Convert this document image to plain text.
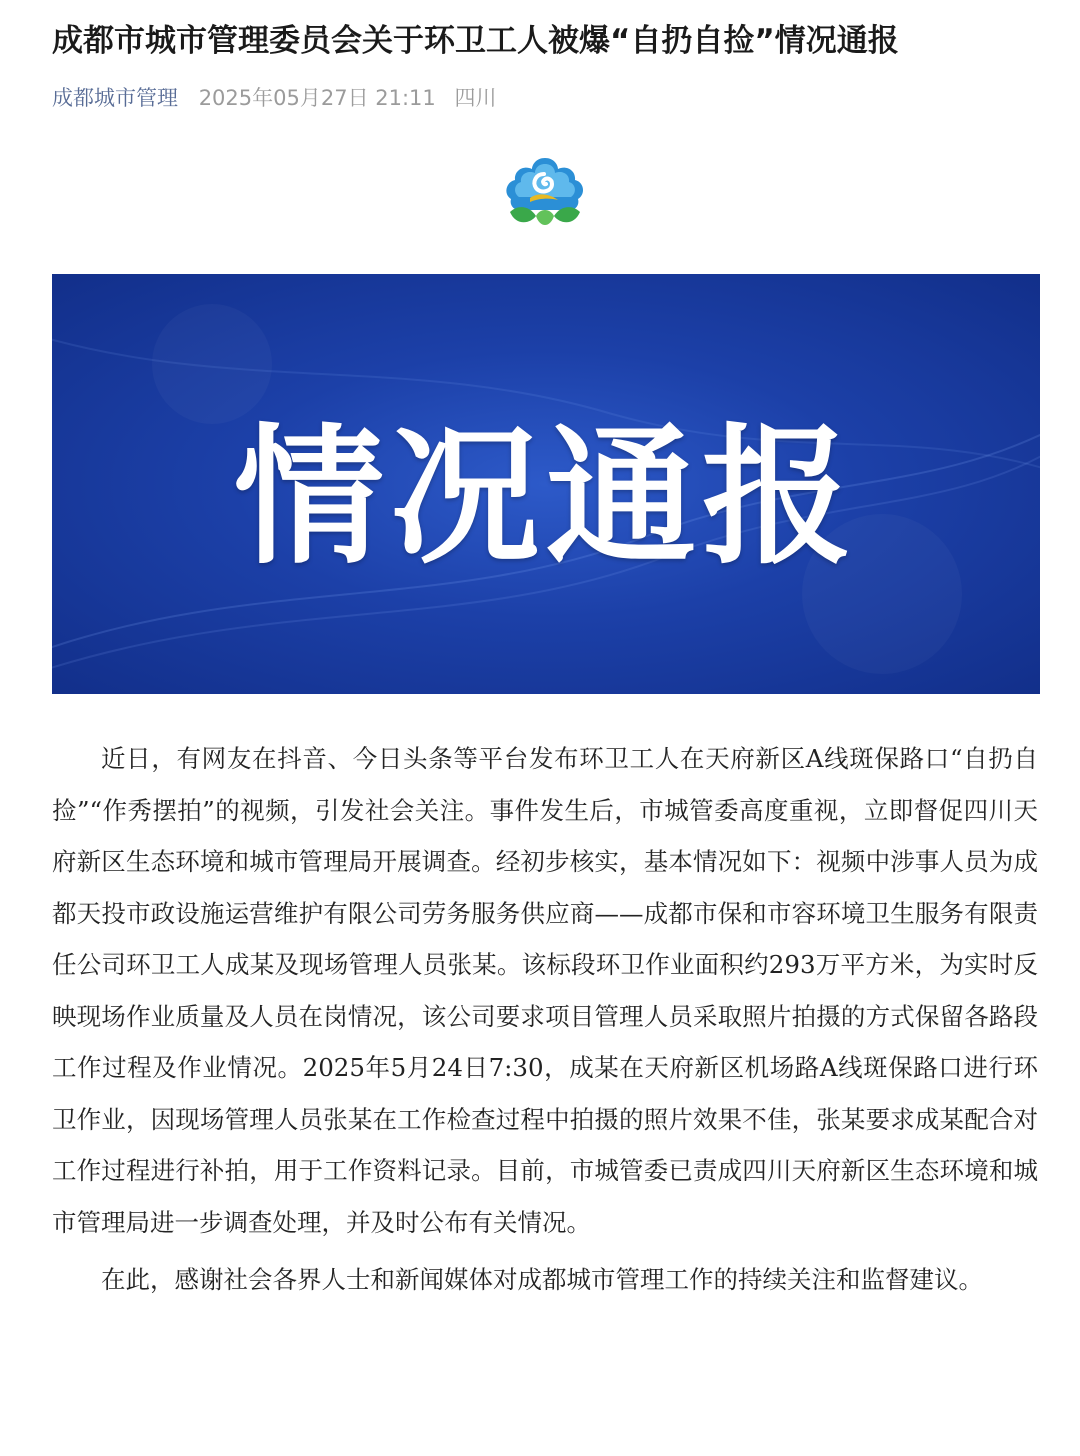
成都市城市管理委员会关于环卫工人被爆“自扔自捡”情况通报
成都城市管理 2025年05月27日 21:11 四川
情况通报

近日，有网友在抖音、今日头条等平台发布环卫工人在天府新区A线斑保路口“自扔自捡”“作秀摆拍”的视频，引发社会关注。事件发生后，市城管委高度重视，立即督促四川天府新区生态环境和城市管理局开展调查。经初步核实，基本情况如下：视频中涉事人员为成都天投市政设施运营维护有限公司劳务服务供应商——成都市保和市容环境卫生服务有限责任公司环卫工人成某及现场管理人员张某。该标段环卫作业面积约293万平方米，为实时反映现场作业质量及人员在岗情况，该公司要求项目管理人员采取照片拍摄的方式保留各路段工作过程及作业情况。2025年5月24日7:30，成某在天府新区机场路A线斑保路口进行环卫作业，因现场管理人员张某在工作检查过程中拍摄的照片效果不佳，张某要求成某配合对工作过程进行补拍，用于工作资料记录。目前，市城管委已责成四川天府新区生态环境和城市管理局进一步调查处理，并及时公布有关情况。

在此，感谢社会各界人士和新闻媒体对成都城市管理工作的持续关注和监督建议。
